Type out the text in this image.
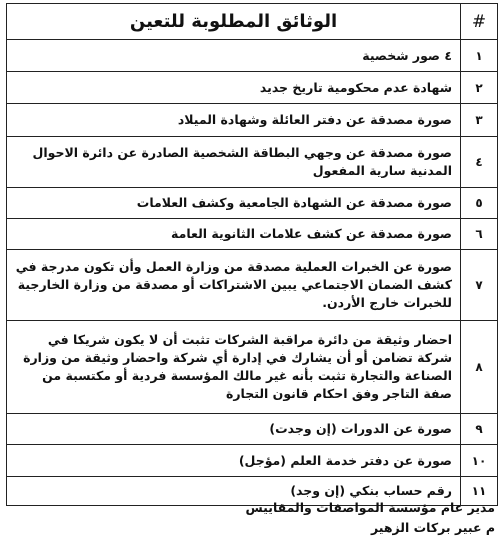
#	الوثائق المطلوبة للتعين
١	٤ صور شخصية
٢	شهادة عدم محكومية تاريخ جديد
٣	صورة مصدقة عن دفتر العائلة وشهادة الميلاد
٤	صورة مصدقة عن وجهي البطاقة الشخصية الصادرة عن دائرة الاحوال المدنية سارية المفعول
٥	صورة مصدقة عن الشهادة الجامعية وكشف العلامات
٦	صورة مصدقة عن كشف علامات الثانوية العامة
٧	صورة عن الخبرات العملية مصدقة من وزارة العمل وأن تكون مدرجة في كشف الضمان الاجتماعي يبين الاشتراكات أو مصدقة من وزارة الخارجية للخبرات خارج الأردن.
٨	احضار وثيقة من دائرة مراقبة الشركات تثبت أن لا يكون شريكا في شركة تضامن أو أن يشارك في إدارة أي شركة واحضار وثيقة من وزارة الصناعة والتجارة تثبت بأنه غير مالك المؤسسة فردية أو مكتسبة من صفة التاجر وفق احكام قانون التجارة
٩	صورة عن الدورات (إن وجدت)
١٠	صورة عن دفتر خدمة العلم (مؤجل)
١١	رقم حساب بنكي (إن وجد)
مدير عام مؤسسة المواصفات والمقاييس
م عبير بركات الزهير
